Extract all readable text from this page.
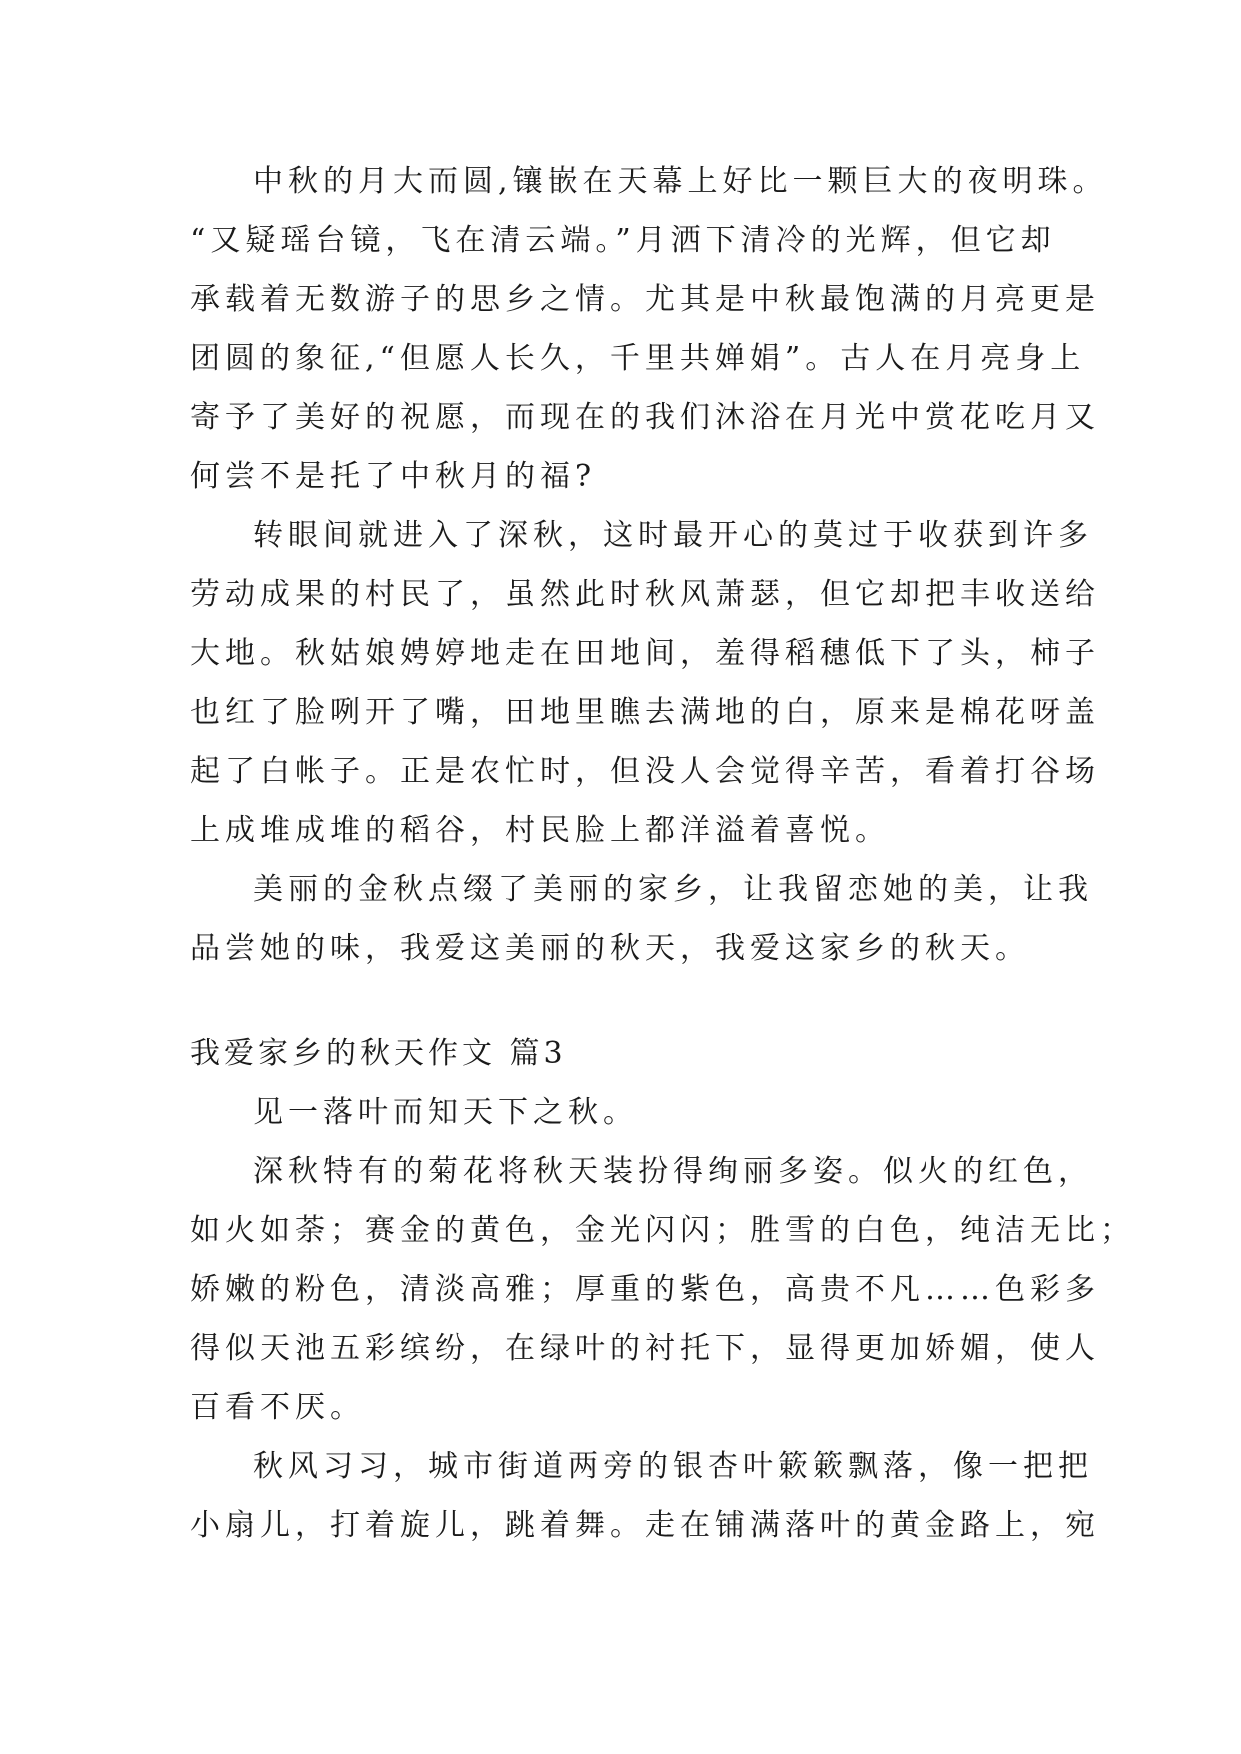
中秋的月大而圆,镶嵌在天幕上好比一颗巨大的夜明珠。
“又疑瑶台镜，飞在清云端。”月洒下清冷的光辉，但它却
承载着无数游子的思乡之情。尤其是中秋最饱满的月亮更是
团圆的象征,“但愿人长久，千里共婵娟”。古人在月亮身上
寄予了美好的祝愿，而现在的我们沐浴在月光中赏花吃月又
何尝不是托了中秋月的福?
转眼间就进入了深秋，这时最开心的莫过于收获到许多
劳动成果的村民了，虽然此时秋风萧瑟，但它却把丰收送给
大地。秋姑娘娉婷地走在田地间，羞得稻穗低下了头，柿子
也红了脸咧开了嘴，田地里瞧去满地的白，原来是棉花呀盖
起了白帐子。正是农忙时，但没人会觉得辛苦，看着打谷场
上成堆成堆的稻谷，村民脸上都洋溢着喜悦。
美丽的金秋点缀了美丽的家乡，让我留恋她的美，让我
品尝她的味，我爱这美丽的秋天，我爱这家乡的秋天。
我爱家乡的秋天作文 篇3
见一落叶而知天下之秋。
深秋特有的菊花将秋天装扮得绚丽多姿。似火的红色，
如火如荼；赛金的黄色，金光闪闪；胜雪的白色，纯洁无比；
娇嫩的粉色，清淡高雅；厚重的紫色，高贵不凡……色彩多
得似天池五彩缤纷，在绿叶的衬托下，显得更加娇媚，使人
百看不厌。
秋风习习，城市街道两旁的银杏叶簌簌飘落，像一把把
小扇儿，打着旋儿，跳着舞。走在铺满落叶的黄金路上，宛
